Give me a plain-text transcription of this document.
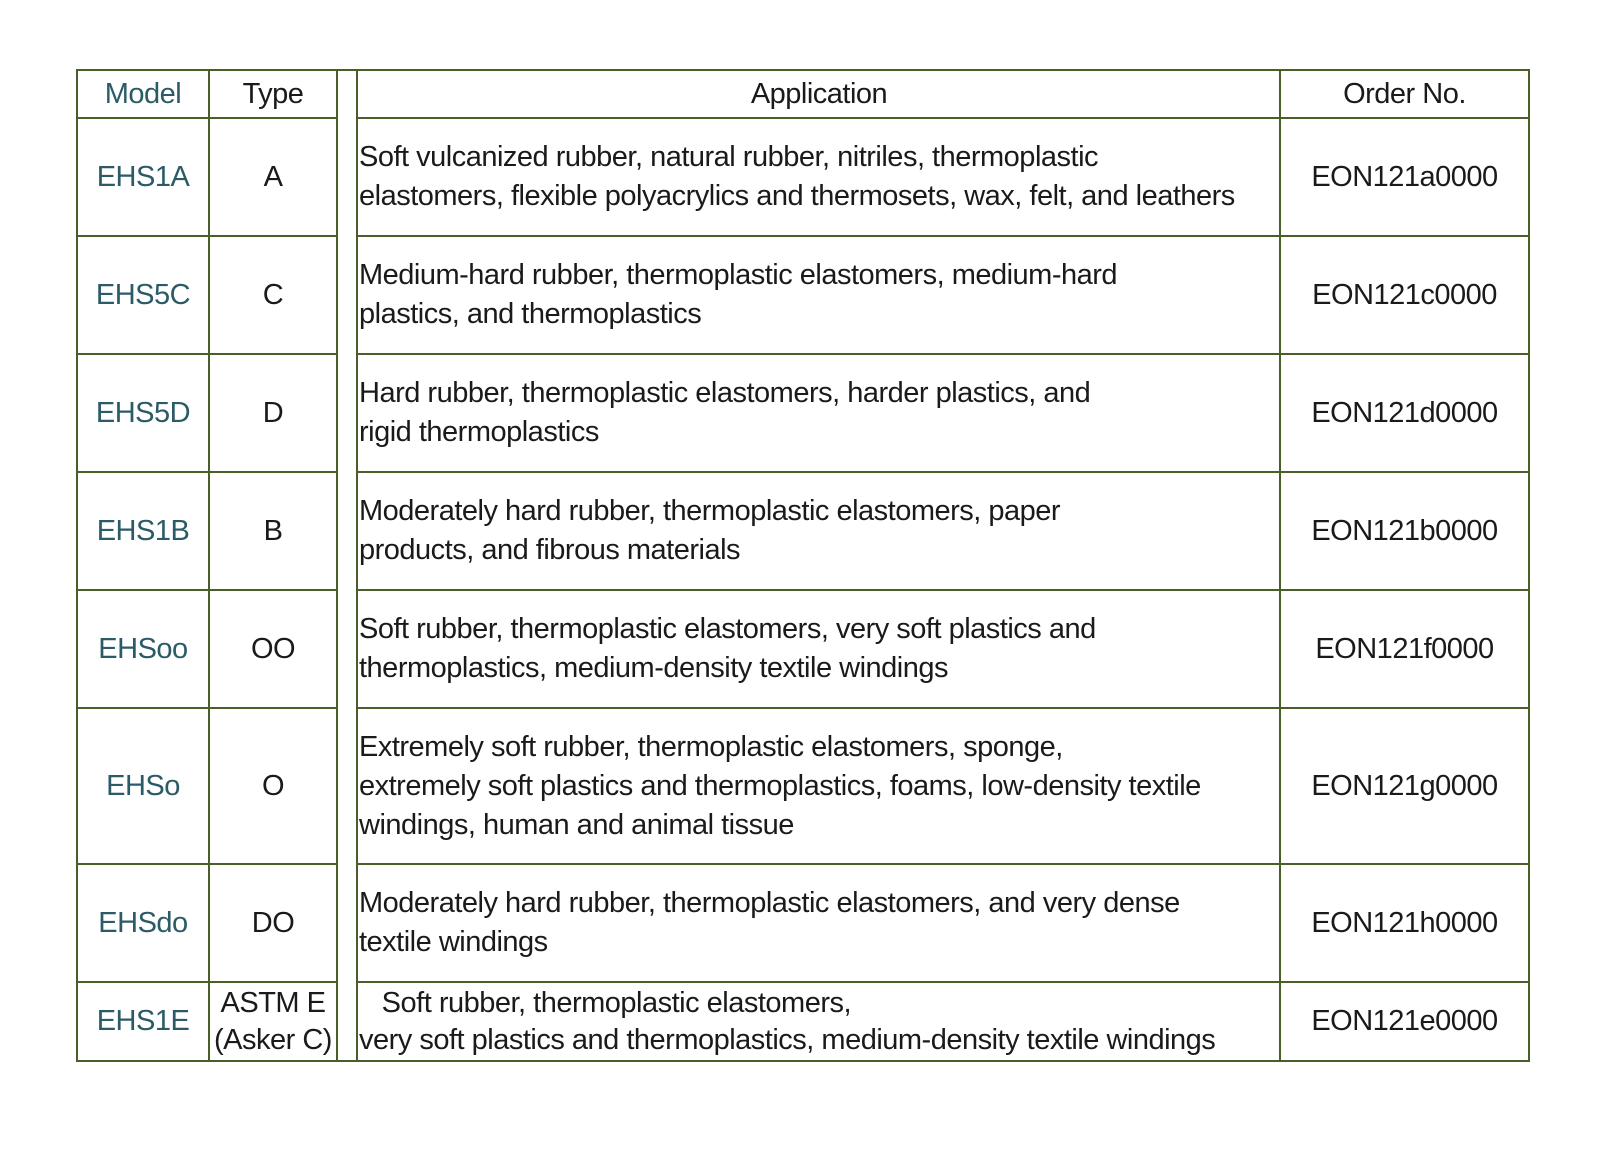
Model	Type		Application	Order No.
EHS1A	A		Soft vulcanized rubber, natural rubber, nitriles, thermoplastic
elastomers, flexible polyacrylics and thermosets, wax, felt, and leathers	EON121a0000
EHS5C	C		Medium-hard rubber, thermoplastic elastomers, medium-hard
plastics, and thermoplastics	EON121c0000
EHS5D	D		Hard rubber, thermoplastic elastomers, harder plastics, and
rigid thermoplastics	EON121d0000
EHS1B	B		Moderately hard rubber, thermoplastic elastomers, paper
products, and fibrous materials	EON121b0000
EHSoo	OO		Soft rubber, thermoplastic elastomers, very soft plastics and
thermoplastics, medium-density textile windings	EON121f0000
EHSo	O		Extremely soft rubber, thermoplastic elastomers, sponge,
extremely soft plastics and thermoplastics, foams, low-density textile
windings, human and animal tissue	EON121g0000
EHSdo	DO		Moderately hard rubber, thermoplastic elastomers, and very dense
textile windings	EON121h0000
EHS1E	ASTM E
(Asker C)		Soft rubber, thermoplastic elastomers,
very soft plastics and thermoplastics, medium-density textile windings	EON121e0000
